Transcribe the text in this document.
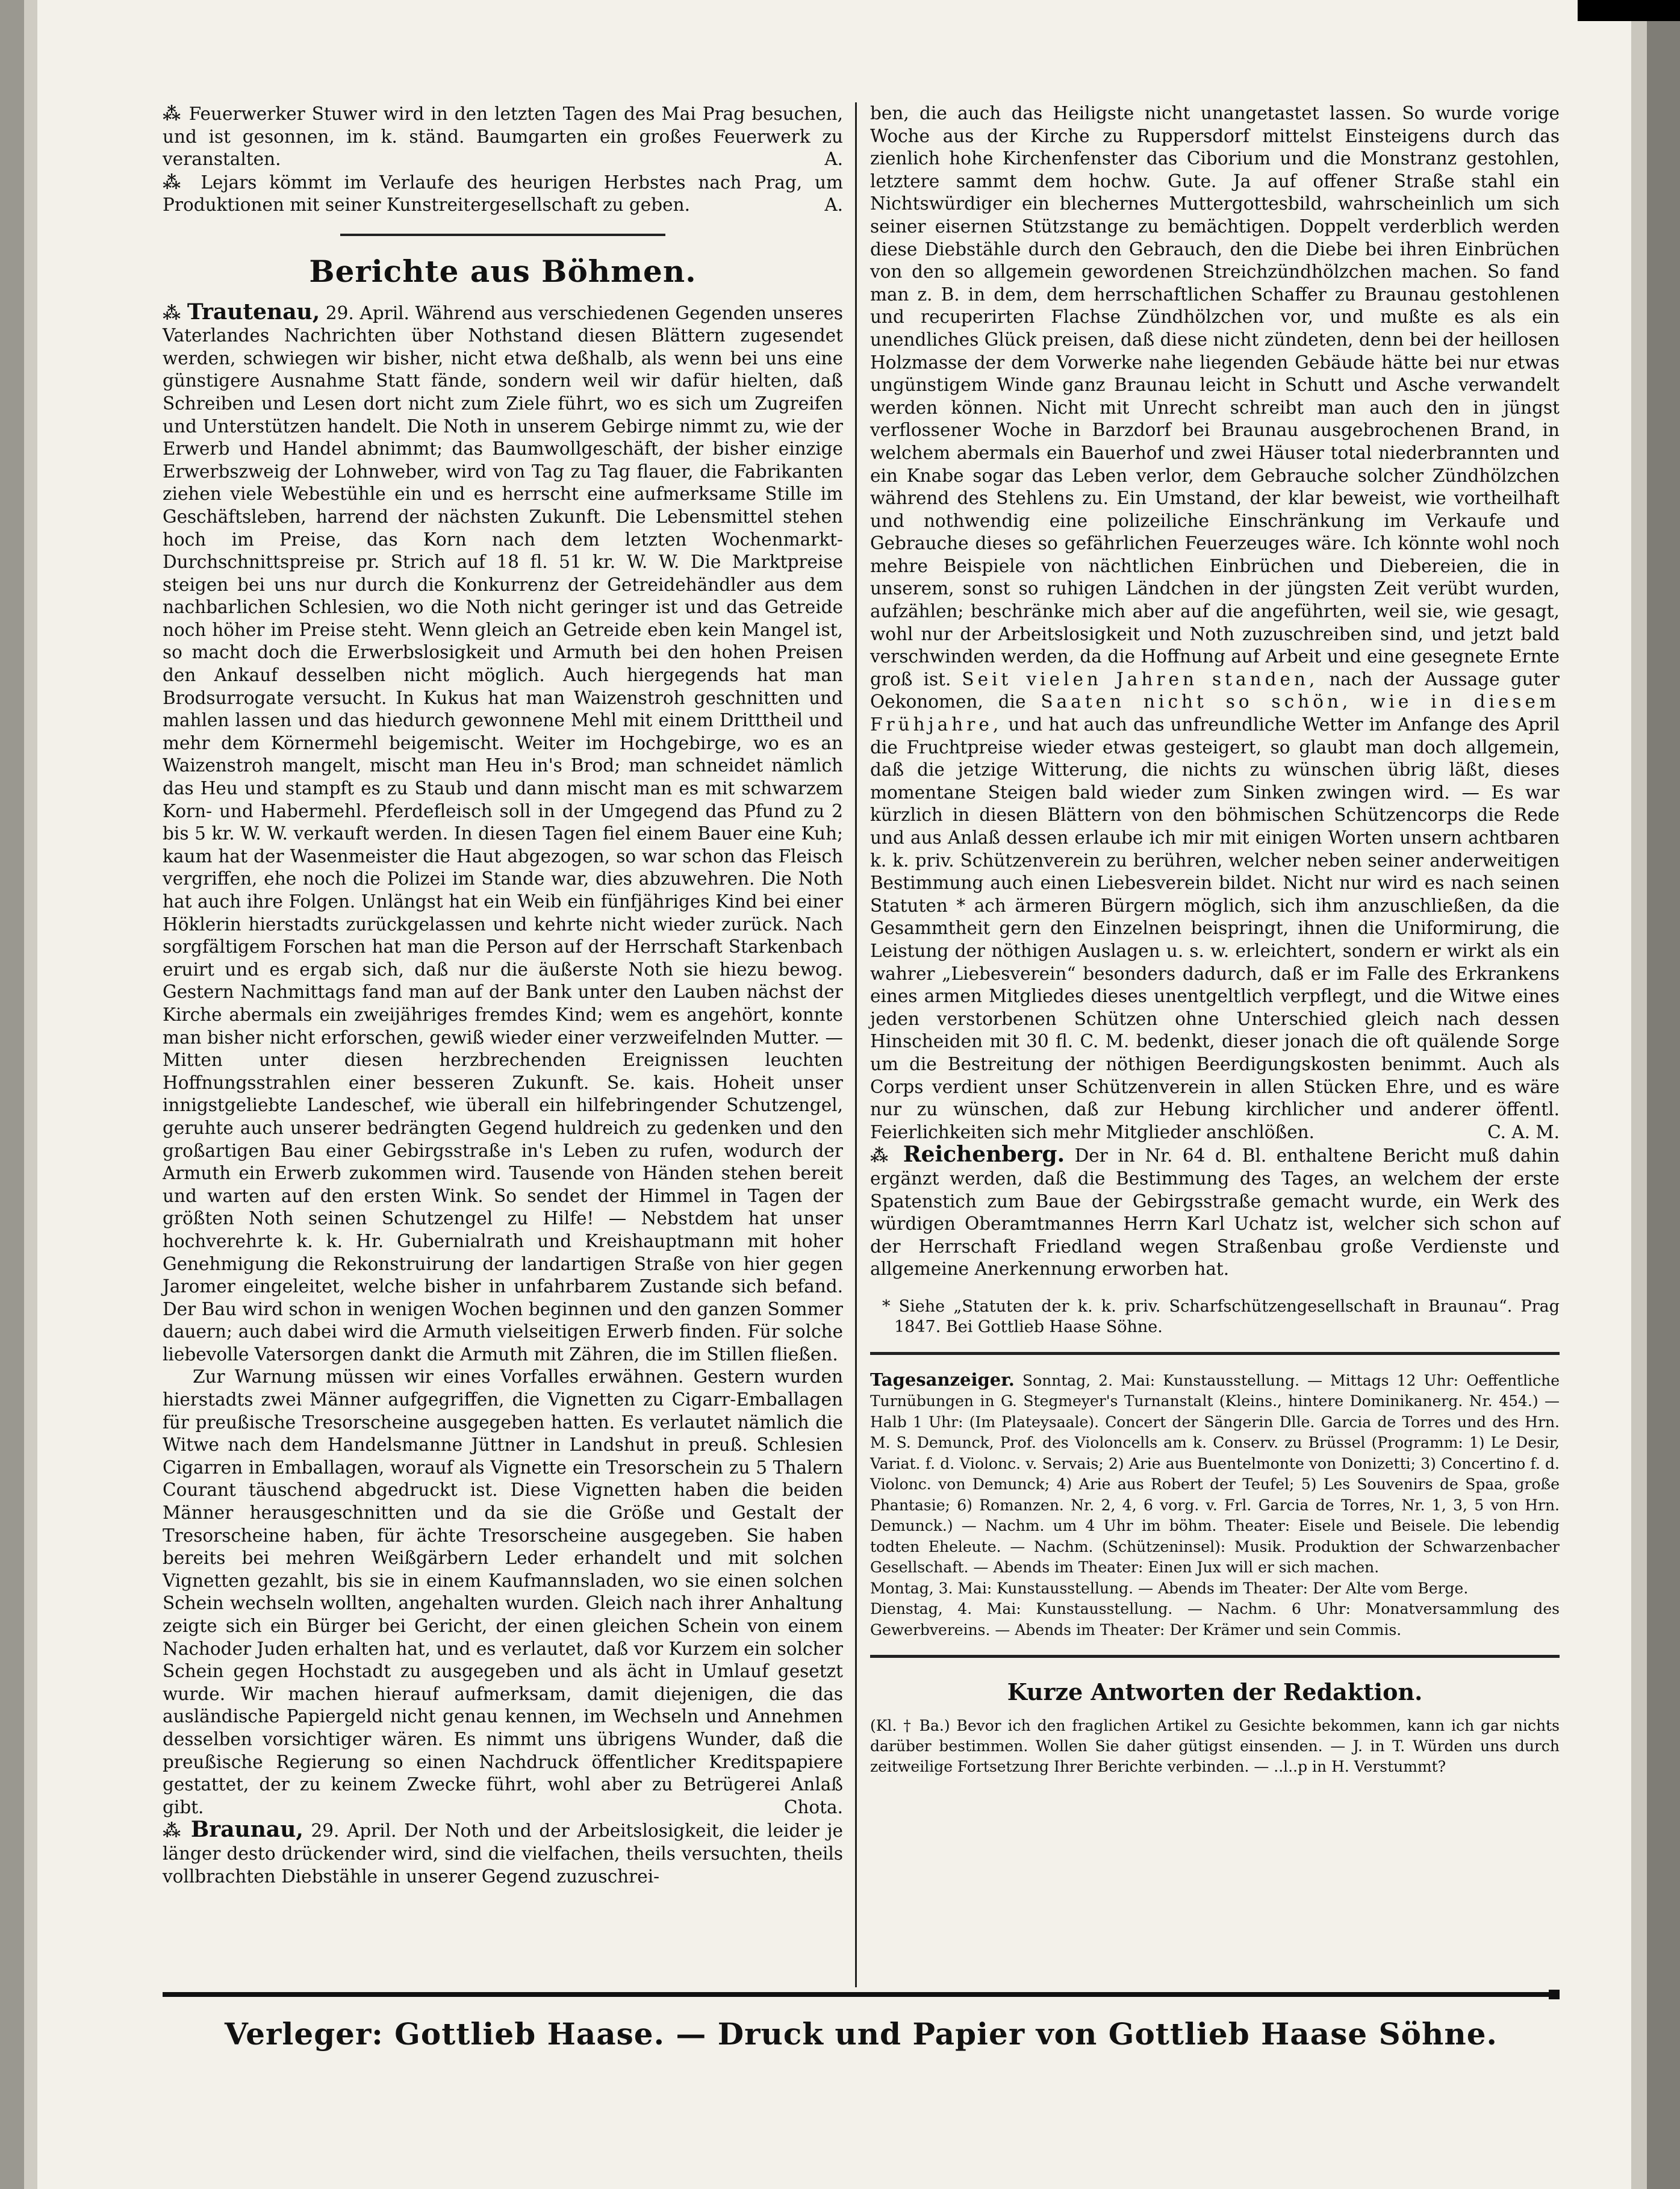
⁂ Feuerwerker Stuwer wird in den letzten Tagen des Mai Prag besuchen, und ist gesonnen, im k. ständ. Baumgarten ein großes Feuerwerk zu veranstalten.	A.

⁂ Lejars kömmt im Verlaufe des heurigen Herbstes nach Prag, um Produktionen mit seiner Kunstreitergesellschaft zu geben.	A.

Berichte aus Böhmen.

⁂ Trautenau, 29. April. Während aus verschiedenen Gegenden unseres Vaterlandes Nachrichten über Nothstand diesen Blättern zugesendet werden, schwiegen wir bisher, nicht etwa deßhalb, als wenn bei uns eine günstigere Ausnahme Statt fände, sondern weil wir dafür hielten, daß Schreiben und Lesen dort nicht zum Ziele führt, wo es sich um Zugreifen und Unterstützen handelt. Die Noth in unserem Gebirge nimmt zu, wie der Erwerb und Handel abnimmt; das Baumwollgeschäft, der bisher einzige Erwerbszweig der Lohnweber, wird von Tag zu Tag flauer, die Fabrikanten ziehen viele Webestühle ein und es herrscht eine aufmerksame Stille im Geschäftsleben, harrend der nächsten Zukunft. Die Lebensmittel stehen hoch im Preise, das Korn nach dem letzten Wochenmarkt-Durchschnittspreise pr. Strich auf 18 fl. 51 kr. W. W. Die Marktpreise steigen bei uns nur durch die Konkurrenz der Getreidehändler aus dem nachbarlichen Schlesien, wo die Noth nicht geringer ist und das Getreide noch höher im Preise steht. Wenn gleich an Getreide eben kein Mangel ist, so macht doch die Erwerbslosigkeit und Armuth bei den hohen Preisen den Ankauf desselben nicht möglich. Auch hiergegends hat man Brodsurrogate versucht. In Kukus hat man Waizenstroh geschnitten und mahlen lassen und das hiedurch gewonnene Mehl mit einem Dritttheil und mehr dem Körnermehl beigemischt. Weiter im Hochgebirge, wo es an Waizenstroh mangelt, mischt man Heu in's Brod; man schneidet nämlich das Heu und stampft es zu Staub und dann mischt man es mit schwarzem Korn- und Habermehl. Pferdefleisch soll in der Umgegend das Pfund zu 2 bis 5 kr. W. W. verkauft werden. In diesen Tagen fiel einem Bauer eine Kuh; kaum hat der Wasenmeister die Haut abgezogen, so war schon das Fleisch vergriffen, ehe noch die Polizei im Stande war, dies abzuwehren. Die Noth hat auch ihre Folgen. Unlängst hat ein Weib ein fünfjähriges Kind bei einer Höklerin hierstadts zurückgelassen und kehrte nicht wieder zurück. Nach sorgfältigem Forschen hat man die Person auf der Herrschaft Starkenbach eruirt und es ergab sich, daß nur die äußerste Noth sie hiezu bewog. Gestern Nachmittags fand man auf der Bank unter den Lauben nächst der Kirche abermals ein zweijähriges fremdes Kind; wem es angehört, konnte man bisher nicht erforschen, gewiß wieder einer verzweifelnden Mutter. — Mitten unter diesen herzbrechenden Ereignissen leuchten Hoffnungsstrahlen einer besseren Zukunft. Se. kais. Hoheit unser innigstgeliebte Landeschef, wie überall ein hilfebringender Schutzengel, geruhte auch unserer bedrängten Gegend huldreich zu gedenken und den großartigen Bau einer Gebirgsstraße in's Leben zu rufen, wodurch der Armuth ein Erwerb zukommen wird. Tausende von Händen stehen bereit und warten auf den ersten Wink. So sendet der Himmel in Tagen der größten Noth seinen Schutzengel zu Hilfe! — Nebstdem hat unser hochverehrte k. k. Hr. Gubernialrath und Kreishauptmann mit hoher Genehmigung die Rekonstruirung der landartigen Straße von hier gegen Jaromer eingeleitet, welche bisher in unfahrbarem Zustande sich befand. Der Bau wird schon in wenigen Wochen beginnen und den ganzen Sommer dauern; auch dabei wird die Armuth vielseitigen Erwerb finden. Für solche liebevolle Vatersorgen dankt die Armuth mit Zähren, die im Stillen fließen.

Zur Warnung müssen wir eines Vorfalles erwähnen. Gestern wurden hierstadts zwei Männer aufgegriffen, die Vignetten zu Cigarr-Emballagen für preußische Tresorscheine ausgegeben hatten. Es verlautet nämlich die Witwe nach dem Handelsmanne Jüttner in Landshut in preuß. Schlesien Cigarren in Emballagen, worauf als Vignette ein Tresorschein zu 5 Thalern Courant täuschend abgedruckt ist. Diese Vignetten haben die beiden Männer herausgeschnitten und da sie die Größe und Gestalt der Tresorscheine haben, für ächte Tresorscheine ausgegeben. Sie haben bereits bei mehren Weißgärbern Leder erhandelt und mit solchen Vignetten gezahlt, bis sie in einem Kaufmannsladen, wo sie einen solchen Schein wechseln wollten, angehalten wurden. Gleich nach ihrer Anhaltung zeigte sich ein Bürger bei Gericht, der einen gleichen Schein von einem Nachoder Juden erhalten hat, und es verlautet, daß vor Kurzem ein solcher Schein gegen Hochstadt zu ausgegeben und als ächt in Umlauf gesetzt wurde. Wir machen hierauf aufmerksam, damit diejenigen, die das ausländische Papiergeld nicht genau kennen, im Wechseln und Annehmen desselben vorsichtiger wären. Es nimmt uns übrigens Wunder, daß die preußische Regierung so einen Nachdruck öffentlicher Kreditspapiere gestattet, der zu keinem Zwecke führt, wohl aber zu Betrügerei Anlaß gibt.	Chota.

⁂ Braunau, 29. April. Der Noth und der Arbeitslosigkeit, die leider je länger desto drückender wird, sind die vielfachen, theils versuchten, theils vollbrachten Diebstähle in unserer Gegend zuzuschrei-

ben, die auch das Heiligste nicht unangetastet lassen. So wurde vorige Woche aus der Kirche zu Ruppersdorf mittelst Einsteigens durch das zienlich hohe Kirchenfenster das Ciborium und die Monstranz gestohlen, letztere sammt dem hochw. Gute. Ja auf offener Straße stahl ein Nichtswürdiger ein blechernes Muttergottesbild, wahrscheinlich um sich seiner eisernen Stützstange zu bemächtigen. Doppelt verderblich werden diese Diebstähle durch den Gebrauch, den die Diebe bei ihren Einbrüchen von den so allgemein gewordenen Streichzündhölzchen machen. So fand man z. B. in dem, dem herrschaftlichen Schaffer zu Braunau gestohlenen und recuperirten Flachse Zündhölzchen vor, und mußte es als ein unendliches Glück preisen, daß diese nicht zündeten, denn bei der heillosen Holzmasse der dem Vorwerke nahe liegenden Gebäude hätte bei nur etwas ungünstigem Winde ganz Braunau leicht in Schutt und Asche verwandelt werden können. Nicht mit Unrecht schreibt man auch den in jüngst verflossener Woche in Barzdorf bei Braunau ausgebrochenen Brand, in welchem abermals ein Bauerhof und zwei Häuser total niederbrannten und ein Knabe sogar das Leben verlor, dem Gebrauche solcher Zündhölzchen während des Stehlens zu. Ein Umstand, der klar beweist, wie vortheilhaft und nothwendig eine polizeiliche Einschränkung im Verkaufe und Gebrauche dieses so gefährlichen Feuerzeuges wäre. Ich könnte wohl noch mehre Beispiele von nächtlichen Einbrüchen und Diebereien, die in unserem, sonst so ruhigen Ländchen in der jüngsten Zeit verübt wurden, aufzählen; beschränke mich aber auf die angeführten, weil sie, wie gesagt, wohl nur der Arbeitslosigkeit und Noth zuzuschreiben sind, und jetzt bald verschwinden werden, da die Hoffnung auf Arbeit und eine gesegnete Ernte groß ist. Seit vielen Jahren standen, nach der Aussage guter Oekonomen, die Saaten nicht so schön, wie in diesem Frühjahre, und hat auch das unfreundliche Wetter im Anfange des April die Fruchtpreise wieder etwas gesteigert, so glaubt man doch allgemein, daß die jetzige Witterung, die nichts zu wünschen übrig läßt, dieses momentane Steigen bald wieder zum Sinken zwingen wird. — Es war kürzlich in diesen Blättern von den böhmischen Schützencorps die Rede und aus Anlaß dessen erlaube ich mir mit einigen Worten unsern achtbaren k. k. priv. Schützenverein zu berühren, welcher neben seiner anderweitigen Bestimmung auch einen Liebesverein bildet. Nicht nur wird es nach seinen Statuten * ach ärmeren Bürgern möglich, sich ihm anzuschließen, da die Gesammtheit gern den Einzelnen beispringt, ihnen die Uniformirung, die Leistung der nöthigen Auslagen u. s. w. erleichtert, sondern er wirkt als ein wahrer „Liebesverein“ besonders dadurch, daß er im Falle des Erkrankens eines armen Mitgliedes dieses unentgeltlich verpflegt, und die Witwe eines jeden verstorbenen Schützen ohne Unterschied gleich nach dessen Hinscheiden mit 30 fl. C. M. bedenkt, dieser jonach die oft quälende Sorge um die Bestreitung der nöthigen Beerdigungskosten benimmt. Auch als Corps verdient unser Schützenverein in allen Stücken Ehre, und es wäre nur zu wünschen, daß zur Hebung kirchlicher und anderer öffentl. Feierlichkeiten sich mehr Mitglieder anschlößen.	C. A. M.

⁂ Reichenberg. Der in Nr. 64 d. Bl. enthaltene Bericht muß dahin ergänzt werden, daß die Bestimmung des Tages, an welchem der erste Spatenstich zum Baue der Gebirgsstraße gemacht wurde, ein Werk des würdigen Oberamtmannes Herrn Karl Uchatz ist, welcher sich schon auf der Herrschaft Friedland wegen Straßenbau große Verdienste und allgemeine Anerkennung erworben hat.

* Siehe „Statuten der k. k. priv. Scharfschützengesellschaft in Braunau“. Prag 1847. Bei Gottlieb Haase Söhne.

Tagesanzeiger. Sonntag, 2. Mai: Kunstausstellung. — Mittags 12 Uhr: Oeffentliche Turnübungen in G. Stegmeyer's Turnanstalt (Kleins., hintere Dominikanerg. Nr. 454.) — Halb 1 Uhr: (Im Plateysaale). Concert der Sängerin Dlle. Garcia de Torres und des Hrn. M. S. Demunck, Prof. des Violoncells am k. Conserv. zu Brüssel (Programm: 1) Le Desir, Variat. f. d. Violonc. v. Servais; 2) Arie aus Buentelmonte von Donizetti; 3) Concertino f. d. Violonc. von Demunck; 4) Arie aus Robert der Teufel; 5) Les Souvenirs de Spaa, große Phantasie; 6) Romanzen. Nr. 2, 4, 6 vorg. v. Frl. Garcia de Torres, Nr. 1, 3, 5 von Hrn. Demunck.) — Nachm. um 4 Uhr im böhm. Theater: Eisele und Beisele. Die lebendig todten Eheleute. — Nachm. (Schützeninsel): Musik. Produktion der Schwarzenbacher Gesellschaft. — Abends im Theater: Einen Jux will er sich machen.

Montag, 3. Mai: Kunstausstellung. — Abends im Theater: Der Alte vom Berge.

Dienstag, 4. Mai: Kunstausstellung. — Nachm. 6 Uhr: Monatversammlung des Gewerbvereins. — Abends im Theater: Der Krämer und sein Commis.

Kurze Antworten der Redaktion.

(Kl. † Ba.) Bevor ich den fraglichen Artikel zu Gesichte bekommen, kann ich gar nichts darüber bestimmen. Wollen Sie daher gütigst einsenden. — J. in T. Würden uns durch zeitweilige Fortsetzung Ihrer Berichte verbinden. — ..l..p in H. Verstummt?

Verleger: Gottlieb Haase. — Druck und Papier von Gottlieb Haase Söhne.
